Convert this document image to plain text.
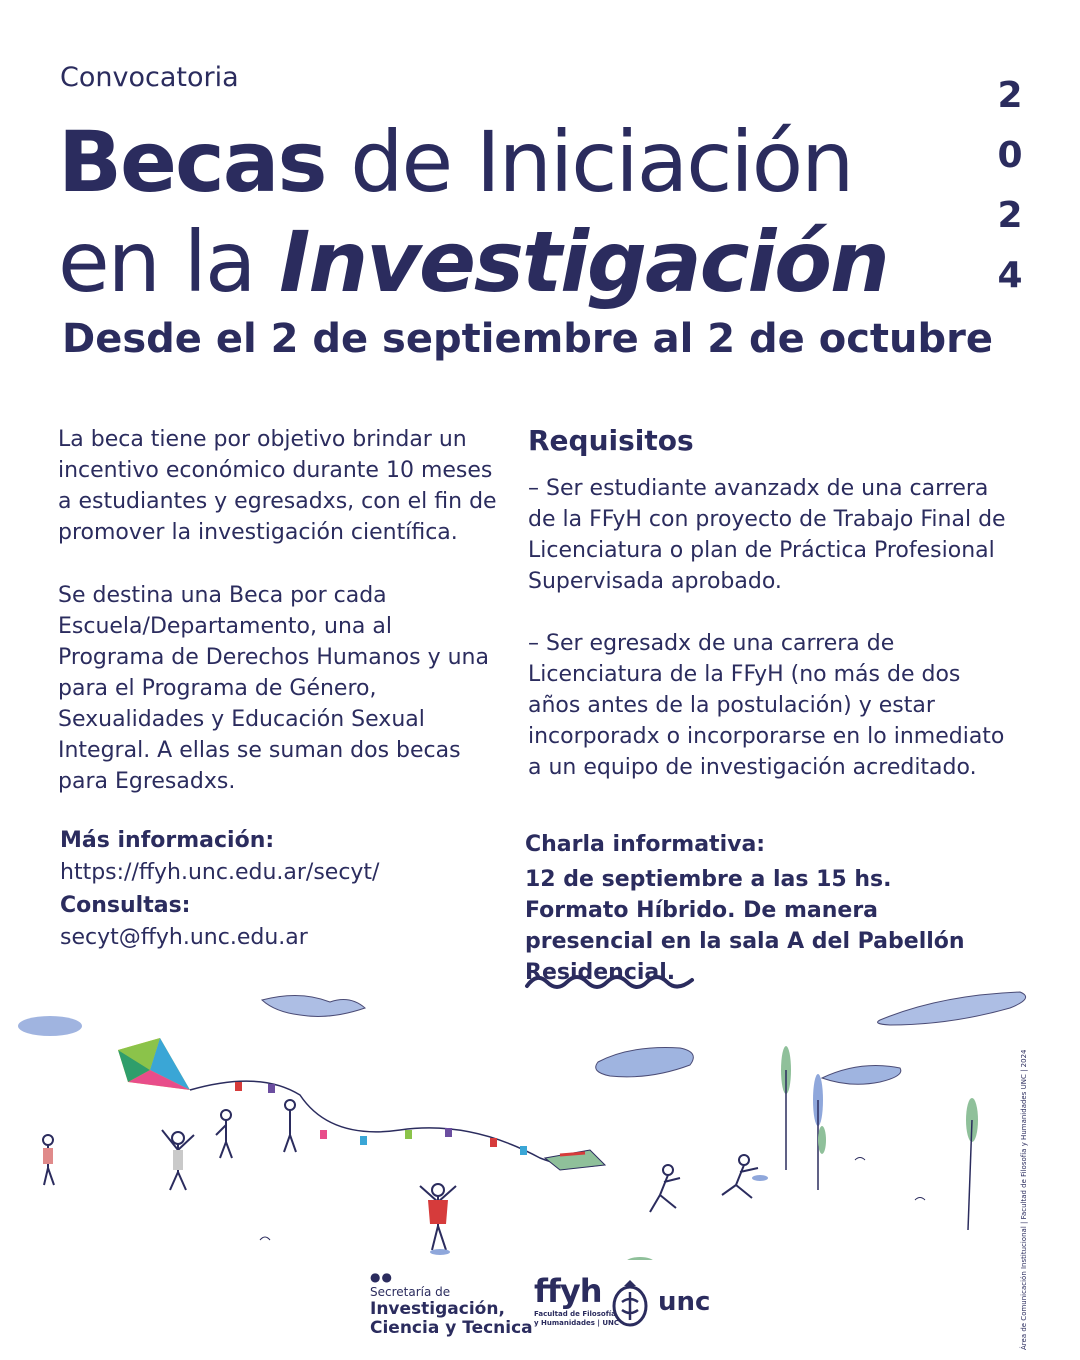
Convocatoria	2
0
2
4
Becas de Iniciación
en la Investigación
Desde el 2 de septiembre al 2 de octubre
La beca tiene por objetivo brindar un incentivo económico durante 10 meses a estudiantes y egresadxs, con el fin de promover la investigación científica.
Se destina una Beca por cada Escuela/Departamento, una al Programa de Derechos Humanos y una para el Programa de Género, Sexualidades y Educación Sexual Integral. A ellas se suman dos becas para Egresadxs.
Requisitos
– Ser estudiante avanzadx de una carrera de la FFyH con proyecto de Trabajo Final de Licenciatura o plan de Práctica Profesional Supervisada aprobado.
– Ser egresadx de una carrera de Licenciatura de la FFyH (no más de dos años antes de la postulación) y estar incorporadx o incorporarse en lo inmediato a un equipo de investigación acreditado.
Más información:
https://ffyh.unc.edu.ar/secyt/
Consultas:
secyt@ffyh.unc.edu.ar
Charla informativa:
12 de septiembre a las 15 hs. Formato Híbrido. De manera presencial en la sala A del Pabellón Residencial.
●●
Secretaría de
Investigación,
Ciencia y Tecnica
ffyh
Facultad de Filosofía
y Humanidades | UNC
unc	Área de Comunicación Institucional | Facultad de Filosofía y Humanidades UNC | 2024
